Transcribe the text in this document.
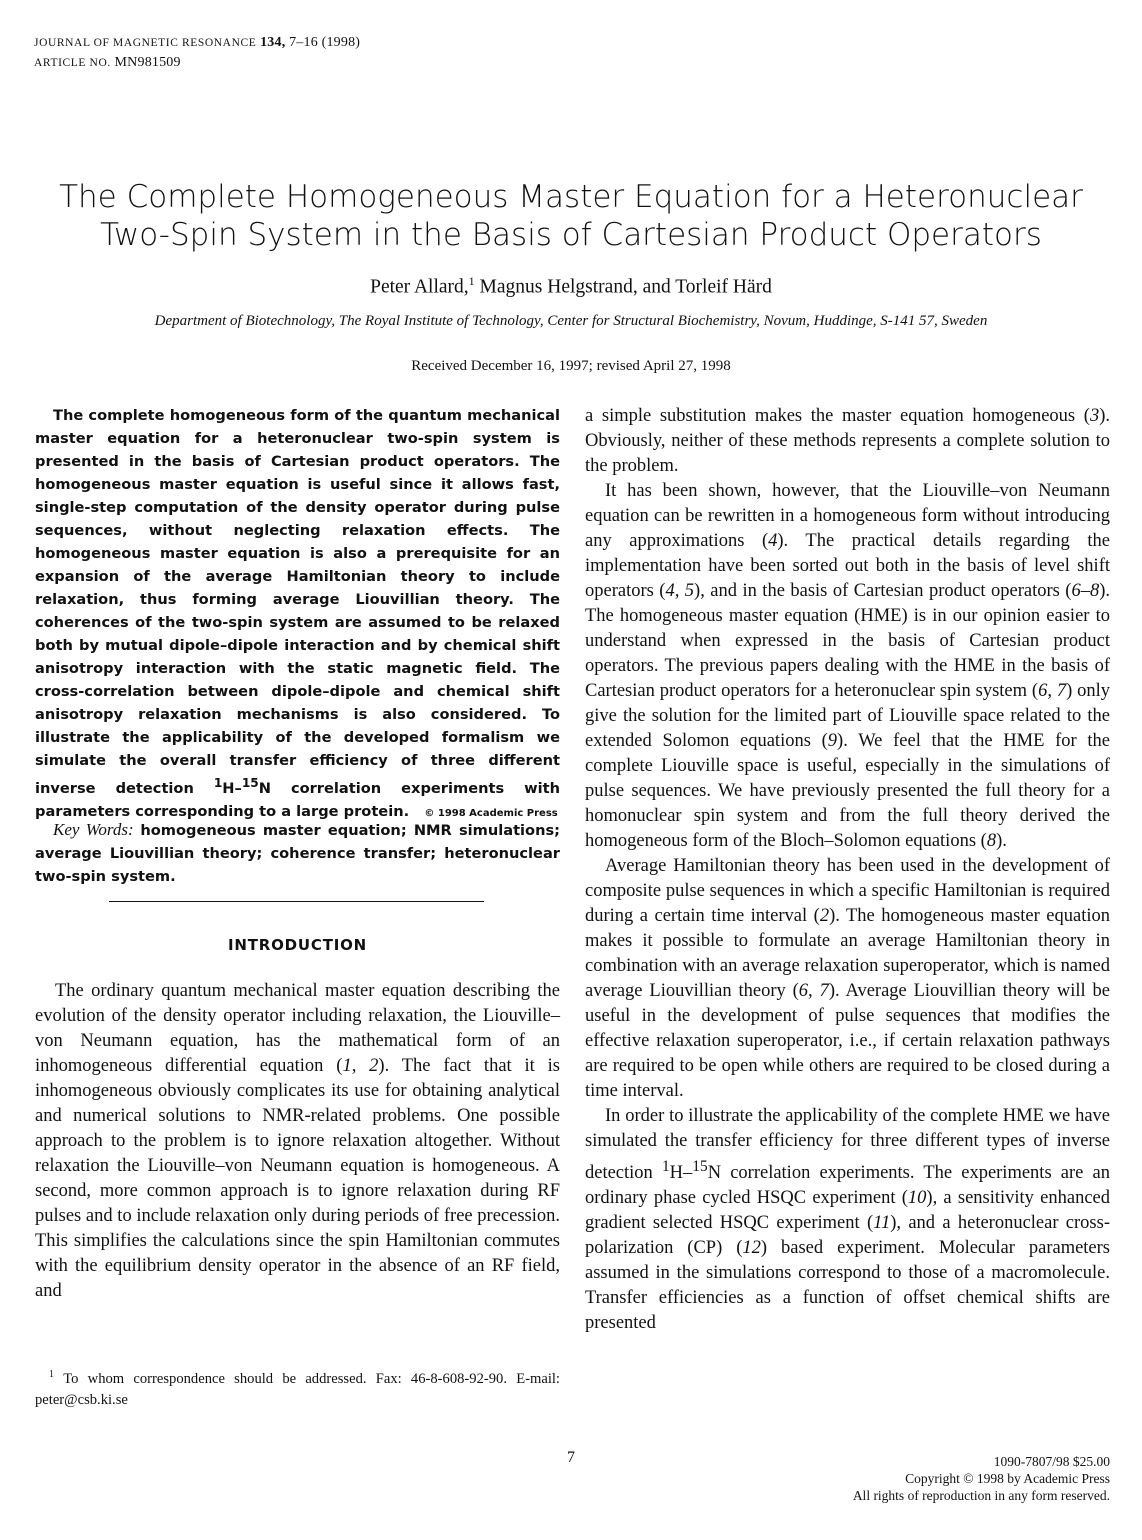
JOURNAL OF MAGNETIC RESONANCE 134, 7–16 (1998)
ARTICLE NO. MN981509
The Complete Homogeneous Master Equation for a Heteronuclear
Two-Spin System in the Basis of Cartesian Product Operators
Peter Allard,$^1$ Magnus Helgstrand, and Torleif Härd
Department of Biotechnology, The Royal Institute of Technology, Center for Structural Biochemistry, Novum, Huddinge, S-141 57, Sweden
Received December 16, 1997; revised April 27, 1998

The complete homogeneous form of the quantum mechanical master equation for a heteronuclear two-spin system is presented in the basis of Cartesian product operators. The homogeneous master equation is useful since it allows fast, single-step computation of the density operator during pulse sequences, without neglecting relaxation effects. The homogeneous master equation is also a prerequisite for an expansion of the average Hamiltonian theory to include relaxation, thus forming average Liouvillian theory. The coherences of the two-spin system are assumed to be relaxed both by mutual dipole–dipole interaction and by chemical shift anisotropy interaction with the static magnetic field. The cross-correlation between dipole–dipole and chemical shift anisotropy relaxation mechanisms is also considered. To illustrate the applicability of the developed formalism we simulate the overall transfer efficiency of three different inverse detection $^1$H–$^{15}$N correlation experiments with parameters corresponding to a large protein. © 1998 Academic Press

Key Words: homogeneous master equation; NMR simulations; average Liouvillian theory; coherence transfer; heteronuclear two-spin system.

INTRODUCTION

The ordinary quantum mechanical master equation describing the evolution of the density operator including relaxation, the Liouville–von Neumann equation, has the mathematical form of an inhomogeneous differential equation (1, 2). The fact that it is inhomogeneous obviously complicates its use for obtaining analytical and numerical solutions to NMR-related problems. One possible approach to the problem is to ignore relaxation altogether. Without relaxation the Liouville–von Neumann equation is homogeneous. A second, more common approach is to ignore relaxation during RF pulses and to include relaxation only during periods of free precession. This simplifies the calculations since the spin Hamiltonian commutes with the equilibrium density operator in the absence of an RF field, and

$^1$ To whom correspondence should be addressed. Fax: 46-8-608-92-90. E-mail: peter@csb.ki.se

a simple substitution makes the master equation homogeneous (3). Obviously, neither of these methods represents a complete solution to the problem.

It has been shown, however, that the Liouville–von Neumann equation can be rewritten in a homogeneous form without introducing any approximations (4). The practical details regarding the implementation have been sorted out both in the basis of level shift operators (4, 5), and in the basis of Cartesian product operators (6–8). The homogeneous master equation (HME) is in our opinion easier to understand when expressed in the basis of Cartesian product operators. The previous papers dealing with the HME in the basis of Cartesian product operators for a heteronuclear spin system (6, 7) only give the solution for the limited part of Liouville space related to the extended Solomon equations (9). We feel that the HME for the complete Liouville space is useful, especially in the simulations of pulse sequences. We have previously presented the full theory for a homonuclear spin system and from the full theory derived the homogeneous form of the Bloch–Solomon equations (8).

Average Hamiltonian theory has been used in the development of composite pulse sequences in which a specific Hamiltonian is required during a certain time interval (2). The homogeneous master equation makes it possible to formulate an average Hamiltonian theory in combination with an average relaxation superoperator, which is named average Liouvillian theory (6, 7). Average Liouvillian theory will be useful in the development of pulse sequences that modifies the effective relaxation superoperator, i.e., if certain relaxation pathways are required to be open while others are required to be closed during a time interval.

In order to illustrate the applicability of the complete HME we have simulated the transfer efficiency for three different types of inverse detection $^1$H–$^{15}$N correlation experiments. The experiments are an ordinary phase cycled HSQC experiment (10), a sensitivity enhanced gradient selected HSQC experiment (11), and a heteronuclear cross-polarization (CP) (12) based experiment. Molecular parameters assumed in the simulations correspond to those of a macromolecule. Transfer efficiencies as a function of offset chemical shifts are presented

7	1090-7807/98 $25.00
Copyright © 1998 by Academic Press
All rights of reproduction in any form reserved.
